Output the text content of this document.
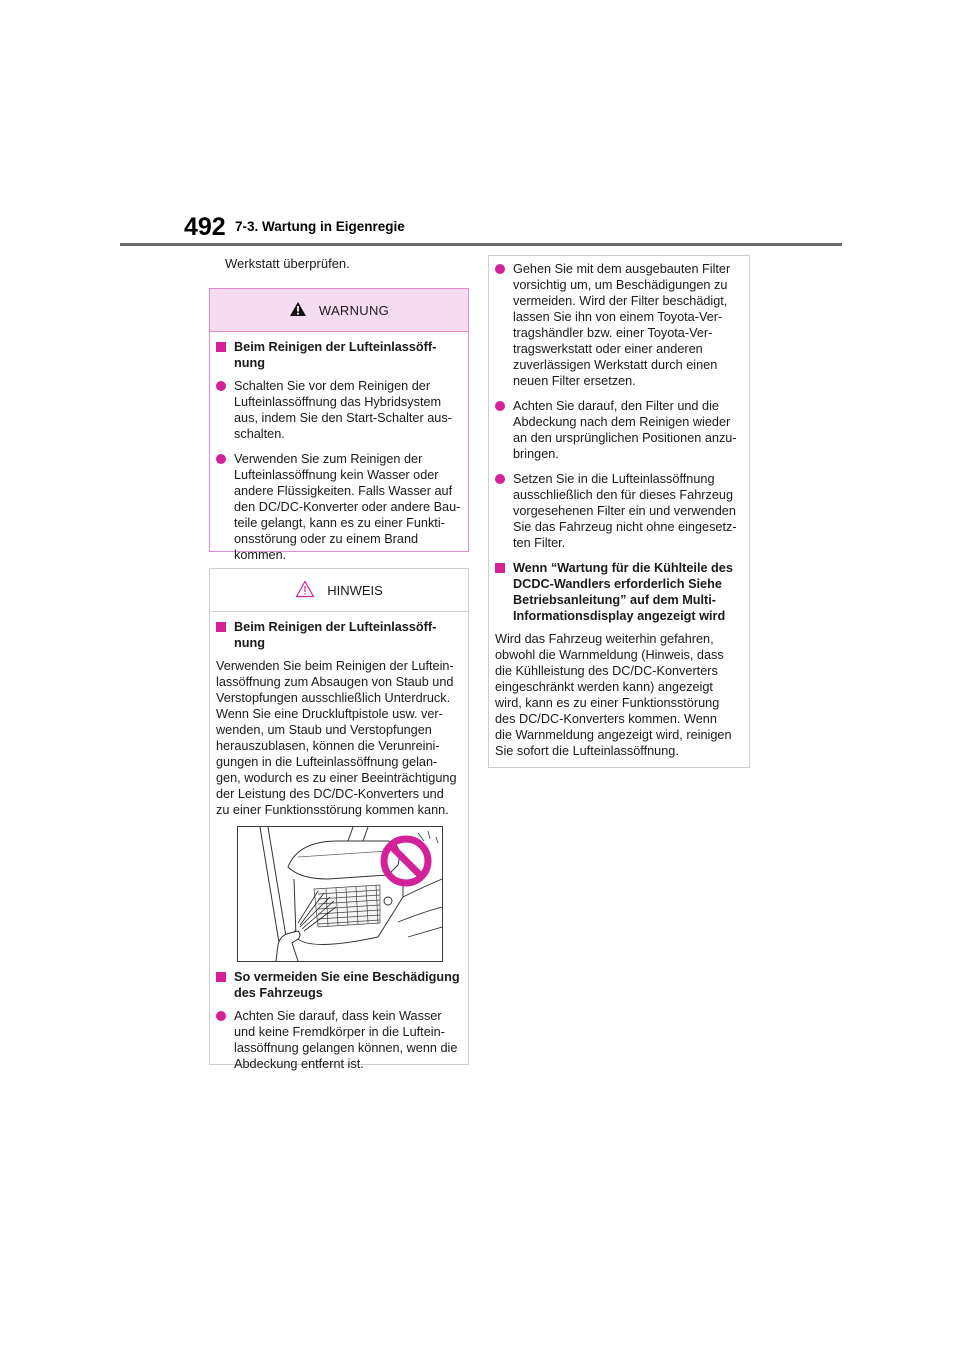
492 7-3. Wartung in Eigenregie
Werkstatt überprüfen.
WARNUNG
Beim Reinigen der Lufteinlassöff-
nung
Schalten Sie vor dem Reinigen der
Lufteinlassöffnung das Hybridsystem
aus, indem Sie den Start-Schalter aus-
schalten.
Verwenden Sie zum Reinigen der
Lufteinlassöffnung kein Wasser oder
andere Flüssigkeiten. Falls Wasser auf
den DC/DC-Konverter oder andere Bau-
teile gelangt, kann es zu einer Funkti-
onsstörung oder zu einem Brand
kommen.
HINWEIS
Beim Reinigen der Lufteinlassöff-
nung
Verwenden Sie beim Reinigen der Luftein-
lassöffnung zum Absaugen von Staub und
Verstopfungen ausschließlich Unterdruck.
Wenn Sie eine Druckluftpistole usw. ver-
wenden, um Staub und Verstopfungen
herauszublasen, können die Verunreini-
gungen in die Lufteinlassöffnung gelan-
gen, wodurch es zu einer Beeinträchtigung
der Leistung des DC/DC-Konverters und
zu einer Funktionsstörung kommen kann.
So vermeiden Sie eine Beschädigung
des Fahrzeugs
Achten Sie darauf, dass kein Wasser
und keine Fremdkörper in die Luftein-
lassöffnung gelangen können, wenn die
Abdeckung entfernt ist.
Gehen Sie mit dem ausgebauten Filter
vorsichtig um, um Beschädigungen zu
vermeiden. Wird der Filter beschädigt,
lassen Sie ihn von einem Toyota-Ver-
tragshändler bzw. einer Toyota-Ver-
tragswerkstatt oder einer anderen
zuverlässigen Werkstatt durch einen
neuen Filter ersetzen.
Achten Sie darauf, den Filter und die
Abdeckung nach dem Reinigen wieder
an den ursprünglichen Positionen anzu-
bringen.
Setzen Sie in die Lufteinlassöffnung
ausschließlich den für dieses Fahrzeug
vorgesehenen Filter ein und verwenden
Sie das Fahrzeug nicht ohne eingesetz-
ten Filter.
Wenn “Wartung für die Kühlteile des
DCDC-Wandlers erforderlich Siehe
Betriebsanleitung” auf dem Multi-
Informationsdisplay angezeigt wird
Wird das Fahrzeug weiterhin gefahren,
obwohl die Warnmeldung (Hinweis, dass
die Kühlleistung des DC/DC-Konverters
eingeschränkt werden kann) angezeigt
wird, kann es zu einer Funktionsstörung
des DC/DC-Konverters kommen. Wenn
die Warnmeldung angezeigt wird, reinigen
Sie sofort die Lufteinlassöffnung.
